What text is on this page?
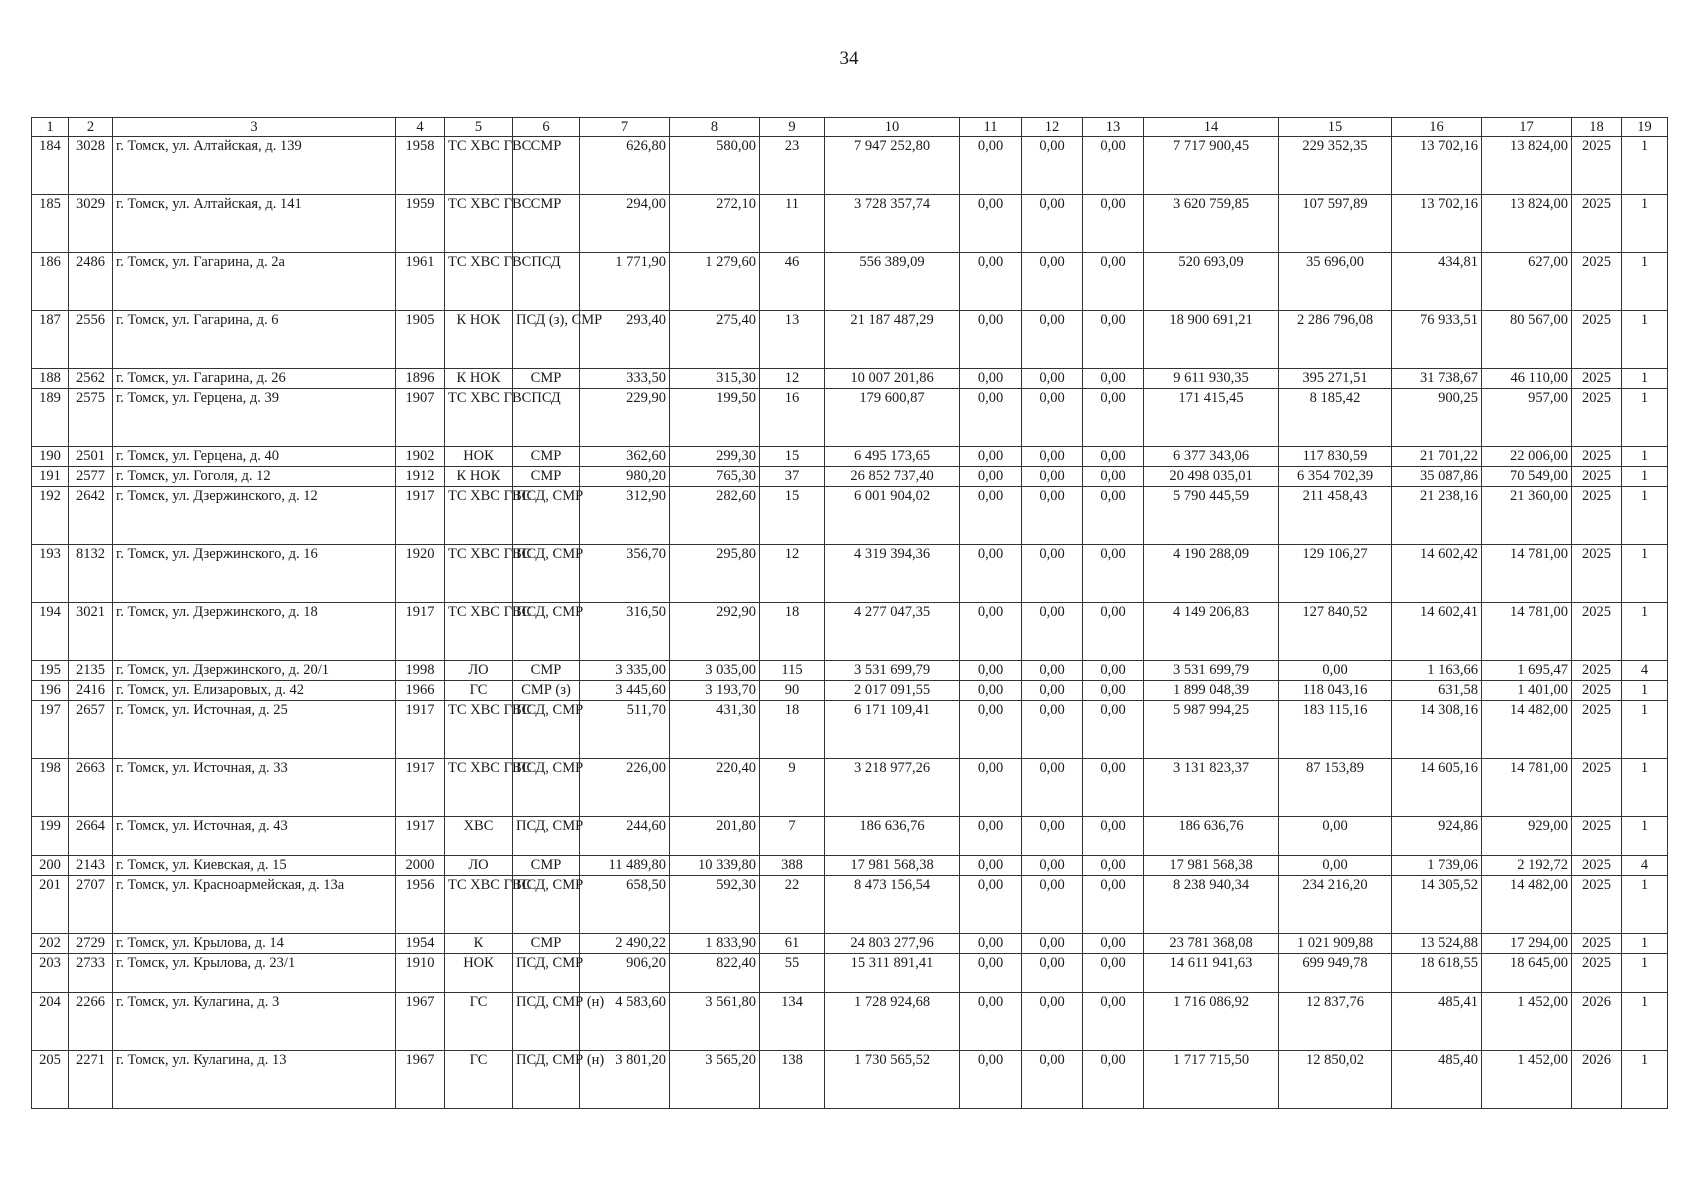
34
1	2	3	4	5	6	7	8	9	10	11	12	13	14	15	16	17	18	19
184	3028	г. Томск, ул. Алтайская, д. 139	1958	ТС ХВС ГВС	СМР	626,80	580,00	23	7 947 252,80	0,00	0,00	0,00	7 717 900,45	229 352,35	13 702,16	13 824,00	2025	1
185	3029	г. Томск, ул. Алтайская, д. 141	1959	ТС ХВС ГВС	СМР	294,00	272,10	11	3 728 357,74	0,00	0,00	0,00	3 620 759,85	107 597,89	13 702,16	13 824,00	2025	1
186	2486	г. Томск, ул. Гагарина, д. 2а	1961	ТС ХВС ГВС	ПСД	1 771,90	1 279,60	46	556 389,09	0,00	0,00	0,00	520 693,09	35 696,00	434,81	627,00	2025	1
187	2556	г. Томск, ул. Гагарина, д. 6	1905	К НОК	ПСД (з), СМР	293,40	275,40	13	21 187 487,29	0,00	0,00	0,00	18 900 691,21	2 286 796,08	76 933,51	80 567,00	2025	1
188	2562	г. Томск, ул. Гагарина, д. 26	1896	К НОК	СМР	333,50	315,30	12	10 007 201,86	0,00	0,00	0,00	9 611 930,35	395 271,51	31 738,67	46 110,00	2025	1
189	2575	г. Томск, ул. Герцена, д. 39	1907	ТС ХВС ГВС	ПСД	229,90	199,50	16	179 600,87	0,00	0,00	0,00	171 415,45	8 185,42	900,25	957,00	2025	1
190	2501	г. Томск, ул. Герцена, д. 40	1902	НОК	СМР	362,60	299,30	15	6 495 173,65	0,00	0,00	0,00	6 377 343,06	117 830,59	21 701,22	22 006,00	2025	1
191	2577	г. Томск, ул. Гоголя, д. 12	1912	К НОК	СМР	980,20	765,30	37	26 852 737,40	0,00	0,00	0,00	20 498 035,01	6 354 702,39	35 087,86	70 549,00	2025	1
192	2642	г. Томск, ул. Дзержинского, д. 12	1917	ТС ХВС ГВС	ПСД, СМР	312,90	282,60	15	6 001 904,02	0,00	0,00	0,00	5 790 445,59	211 458,43	21 238,16	21 360,00	2025	1
193	8132	г. Томск, ул. Дзержинского, д. 16	1920	ТС ХВС ГВС	ПСД, СМР	356,70	295,80	12	4 319 394,36	0,00	0,00	0,00	4 190 288,09	129 106,27	14 602,42	14 781,00	2025	1
194	3021	г. Томск, ул. Дзержинского, д. 18	1917	ТС ХВС ГВС	ПСД, СМР	316,50	292,90	18	4 277 047,35	0,00	0,00	0,00	4 149 206,83	127 840,52	14 602,41	14 781,00	2025	1
195	2135	г. Томск, ул. Дзержинского, д. 20/1	1998	ЛО	СМР	3 335,00	3 035,00	115	3 531 699,79	0,00	0,00	0,00	3 531 699,79	0,00	1 163,66	1 695,47	2025	4
196	2416	г. Томск, ул. Елизаровых, д. 42	1966	ГС	СМР (з)	3 445,60	3 193,70	90	2 017 091,55	0,00	0,00	0,00	1 899 048,39	118 043,16	631,58	1 401,00	2025	1
197	2657	г. Томск, ул. Источная, д. 25	1917	ТС ХВС ГВС	ПСД, СМР	511,70	431,30	18	6 171 109,41	0,00	0,00	0,00	5 987 994,25	183 115,16	14 308,16	14 482,00	2025	1
198	2663	г. Томск, ул. Источная, д. 33	1917	ТС ХВС ГВС	ПСД, СМР	226,00	220,40	9	3 218 977,26	0,00	0,00	0,00	3 131 823,37	87 153,89	14 605,16	14 781,00	2025	1
199	2664	г. Томск, ул. Источная, д. 43	1917	ХВС	ПСД, СМР	244,60	201,80	7	186 636,76	0,00	0,00	0,00	186 636,76	0,00	924,86	929,00	2025	1
200	2143	г. Томск, ул. Киевская, д. 15	2000	ЛО	СМР	11 489,80	10 339,80	388	17 981 568,38	0,00	0,00	0,00	17 981 568,38	0,00	1 739,06	2 192,72	2025	4
201	2707	г. Томск, ул. Красноармейская, д. 13а	1956	ТС ХВС ГВС	ПСД, СМР	658,50	592,30	22	8 473 156,54	0,00	0,00	0,00	8 238 940,34	234 216,20	14 305,52	14 482,00	2025	1
202	2729	г. Томск, ул. Крылова, д. 14	1954	К	СМР	2 490,22	1 833,90	61	24 803 277,96	0,00	0,00	0,00	23 781 368,08	1 021 909,88	13 524,88	17 294,00	2025	1
203	2733	г. Томск, ул. Крылова, д. 23/1	1910	НОК	ПСД, СМР	906,20	822,40	55	15 311 891,41	0,00	0,00	0,00	14 611 941,63	699 949,78	18 618,55	18 645,00	2025	1
204	2266	г. Томск, ул. Кулагина, д. 3	1967	ГС	ПСД, СМР (н)	4 583,60	3 561,80	134	1 728 924,68	0,00	0,00	0,00	1 716 086,92	12 837,76	485,41	1 452,00	2026	1
205	2271	г. Томск, ул. Кулагина, д. 13	1967	ГС	ПСД, СМР (н)	3 801,20	3 565,20	138	1 730 565,52	0,00	0,00	0,00	1 717 715,50	12 850,02	485,40	1 452,00	2026	1
